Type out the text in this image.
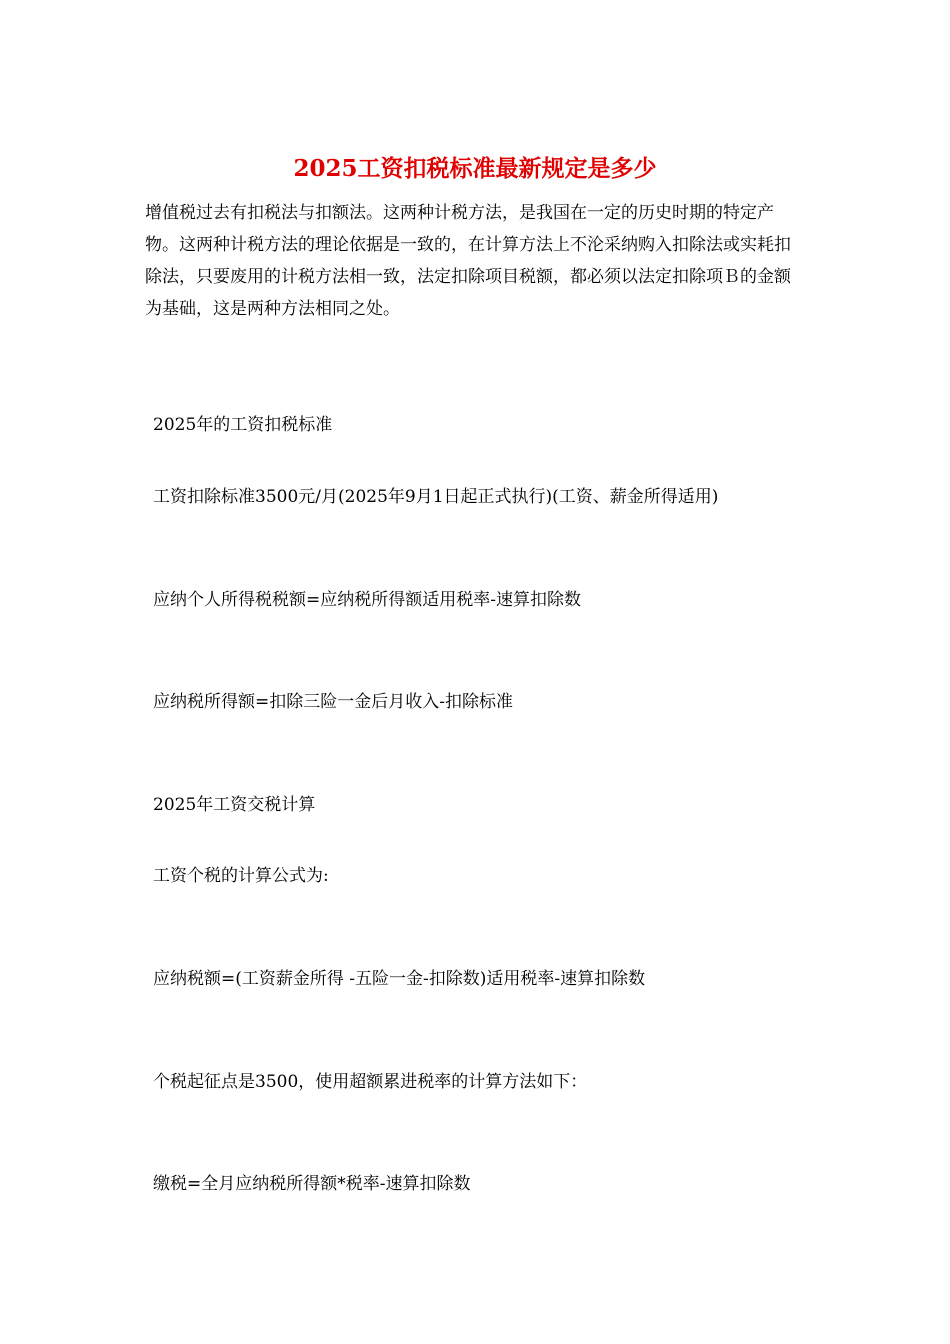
2025工资扣税标准最新规定是多少

增值税过去有扣税法与扣额法。这两种计税方法，是我国在一定的历史时期的特定产物。这两种计税方法的理论依据是一致的，在计算方法上不沦采纳购入扣除法或实耗扣除法，只要废用的计税方法相一致，法定扣除项目税额，都必须以法定扣除项Ｂ的金额为基础，这是两种方法相同之处。

2025年的工资扣税标准

工资扣除标准3500元/月(2025年9月1日起正式执行)(工资、薪金所得适用)

应纳个人所得税税额=应纳税所得额适用税率-速算扣除数

应纳税所得额=扣除三险一金后月收入-扣除标准

2025年工资交税计算

工资个税的计算公式为:

应纳税额=(工资薪金所得 -五险一金-扣除数)适用税率-速算扣除数

个税起征点是3500，使用超额累进税率的计算方法如下：

缴税=全月应纳税所得额*税率-速算扣除数
